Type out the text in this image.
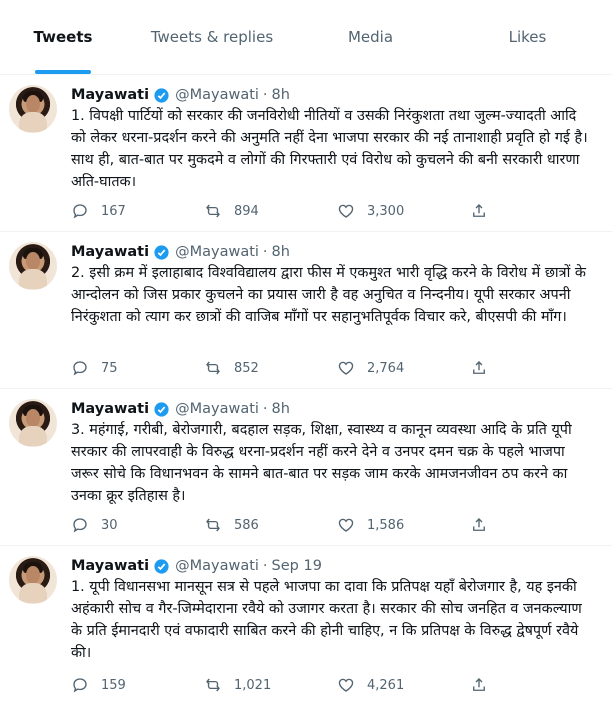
Tweets	Tweets & replies	Media	Likes
Mayawati @Mayawati · 8h
1. विपक्षी पार्टियों को सरकार की जनविरोधी नीतियों व उसकी निरंकुशता तथा जुल्म-ज्यादती आदि को लेकर धरना-प्रदर्शन करने की अनुमति नहीं देना भाजपा सरकार की नई तानाशाही प्रवृति हो गई है। साथ ही, बात-बात पर मुकदमे व लोगों की गिरफ्तारी एवं विरोध को कुचलने की बनी सरकारी धारणा अति-घातक।
167	894	3,300
Mayawati @Mayawati · 8h
2. इसी क्रम में इलाहाबाद विश्वविद्यालय द्वारा फीस में एकमुश्त भारी वृद्धि करने के विरोध में छात्रों के आन्दोलन को जिस प्रकार कुचलने का प्रयास जारी है वह अनुचित व निन्दनीय। यूपी सरकार अपनी निरंकुशता को त्याग कर छात्रों की वाजिब माँगों पर सहानुभतिपूर्वक विचार करे, बीएसपी की माँग।
75	852	2,764
Mayawati @Mayawati · 8h
3. महंगाई, गरीबी, बेरोजगारी, बदहाल सड़क, शिक्षा, स्वास्थ्य व कानून व्यवस्था आदि के प्रति यूपी सरकार की लापरवाही के विरुद्ध धरना-प्रदर्शन नहीं करने देने व उनपर दमन चक्र के पहले भाजपा जरूर सोचे कि विधानभवन के सामने बात-बात पर सड़क जाम करके आमजनजीवन ठप करने का उनका क्रूर इतिहास है।
30	586	1,586
Mayawati @Mayawati · Sep 19
1. यूपी विधानसभा मानसून सत्र से पहले भाजपा का दावा कि प्रतिपक्ष यहाँ बेरोजगार है, यह इनकी अहंकारी सोच व गैर-जिम्मेदाराना रवैये को उजागर करता है। सरकार की सोच जनहित व जनकल्याण के प्रति ईमानदारी एवं वफादारी साबित करने की होनी चाहिए, न कि प्रतिपक्ष के विरुद्ध द्वेषपूर्ण रवैये की।
159	1,021	4,261
